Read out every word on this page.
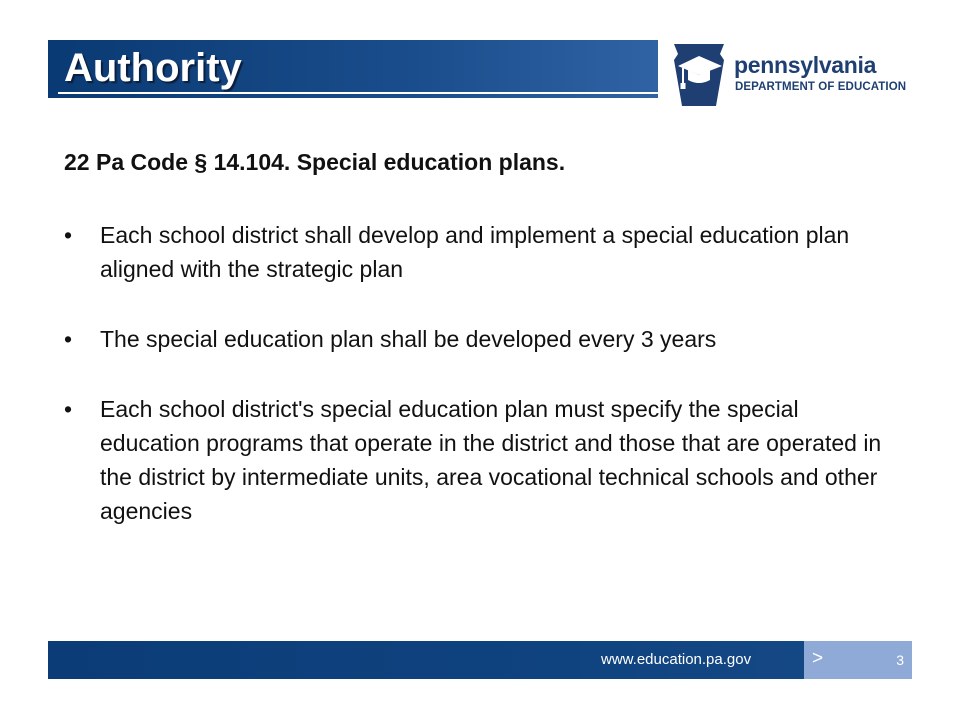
Authority	pennsylvania
DEPARTMENT OF EDUCATION

22 Pa Code § 14.104. Special education plans.

• Each school district shall develop and implement a special education plan aligned with the strategic plan
• The special education plan shall be developed every 3 years
• Each school district's special education plan must specify the special education programs that operate in the district and those that are operated in the district by intermediate units, area vocational technical schools and other agencies
www.education.pa.gov	>	3
